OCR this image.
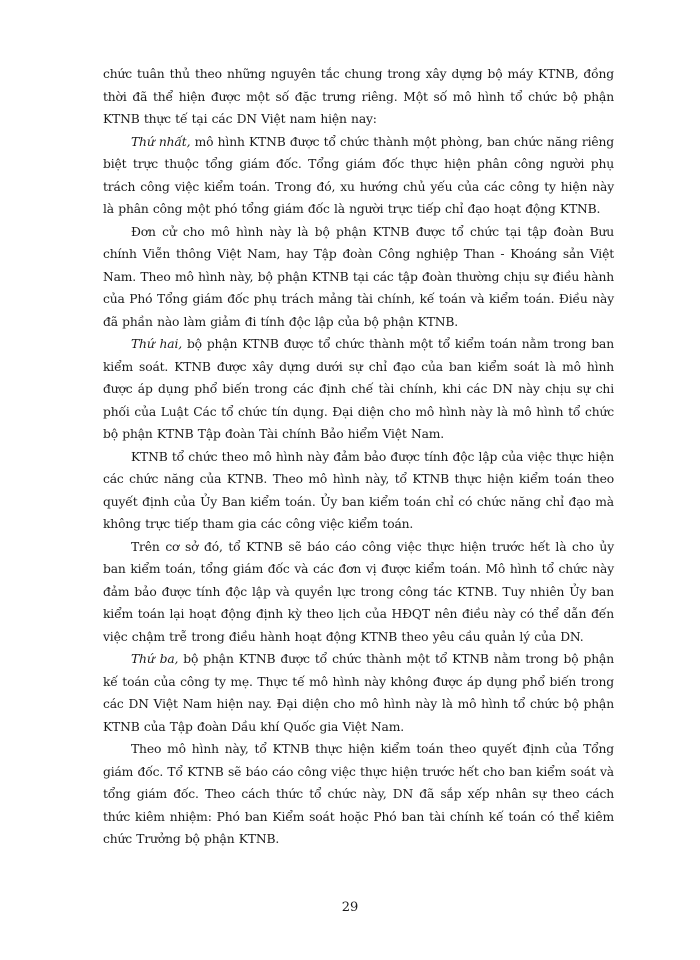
chức tuân thủ theo những nguyên tắc chung trong xây dựng bộ máy KTNB, đồng thời đã thể hiện được một số đặc trưng riêng. Một số mô hình tổ chức bộ phận KTNB thực tế tại các DN Việt nam hiện nay:

Thứ nhất, mô hình KTNB được tổ chức thành một phòng, ban chức năng riêng biệt trực thuộc tổng giám đốc. Tổng giám đốc thực hiện phân công người phụ trách công việc kiểm toán. Trong đó, xu hướng chủ yếu của các công ty hiện này là phân công một phó tổng giám đốc là người trực tiếp chỉ đạo hoạt động KTNB.

Đơn cử cho mô hình này là bộ phận KTNB được tổ chức tại tập đoàn Bưu chính Viễn thông Việt Nam, hay Tập đoàn Công nghiệp Than - Khoáng sản Việt Nam. Theo mô hình này, bộ phận KTNB tại các tập đoàn thường chịu sự điều hành của Phó Tổng giám đốc phụ trách mảng tài chính, kế toán và kiểm toán. Điều này đã phần nào làm giảm đi tính độc lập của bộ phận KTNB.

Thứ hai, bộ phận KTNB được tổ chức thành một tổ kiểm toán nằm trong ban kiểm soát. KTNB được xây dựng dưới sự chỉ đạo của ban kiểm soát là mô hình được áp dụng phổ biến trong các định chế tài chính, khi các DN này chịu sự chi phối của Luật Các tổ chức tín dụng. Đại diện cho mô hình này là mô hình tổ chức bộ phận KTNB Tập đoàn Tài chính Bảo hiểm Việt Nam.

KTNB tổ chức theo mô hình này đảm bảo được tính độc lập của việc thực hiện các chức năng của KTNB. Theo mô hình này, tổ KTNB thực hiện kiểm toán theo quyết định của Ủy Ban kiểm toán. Ủy ban kiểm toán chỉ có chức năng chỉ đạo mà không trực tiếp tham gia các công việc kiểm toán.

Trên cơ sở đó, tổ KTNB sẽ báo cáo công việc thực hiện trước hết là cho ủy ban kiểm toán, tổng giám đốc và các đơn vị được kiểm toán. Mô hình tổ chức này đảm bảo được tính độc lập và quyền lực trong công tác KTNB. Tuy nhiên Ủy ban kiểm toán lại hoạt động định kỳ theo lịch của HĐQT nên điều này có thể dẫn đến việc chậm trễ trong điều hành hoạt động KTNB theo yêu cầu quản lý của DN.

Thứ ba, bộ phận KTNB được tổ chức thành một tổ KTNB nằm trong bộ phận kế toán của công ty mẹ. Thực tế mô hình này không được áp dụng phổ biến trong các DN Việt Nam hiện nay. Đại diện cho mô hình này là mô hình tổ chức bộ phận KTNB của Tập đoàn Dầu khí Quốc gia Việt Nam.

Theo mô hình này, tổ KTNB thực hiện kiểm toán theo quyết định của Tổng giám đốc. Tổ KTNB sẽ báo cáo công việc thực hiện trước hết cho ban kiểm soát và tổng giám đốc. Theo cách thức tổ chức này, DN đã sắp xếp nhân sự theo cách thức kiêm nhiệm: Phó ban Kiểm soát hoặc Phó ban tài chính kế toán có thể kiêm chức Trưởng bộ phận KTNB.

29
